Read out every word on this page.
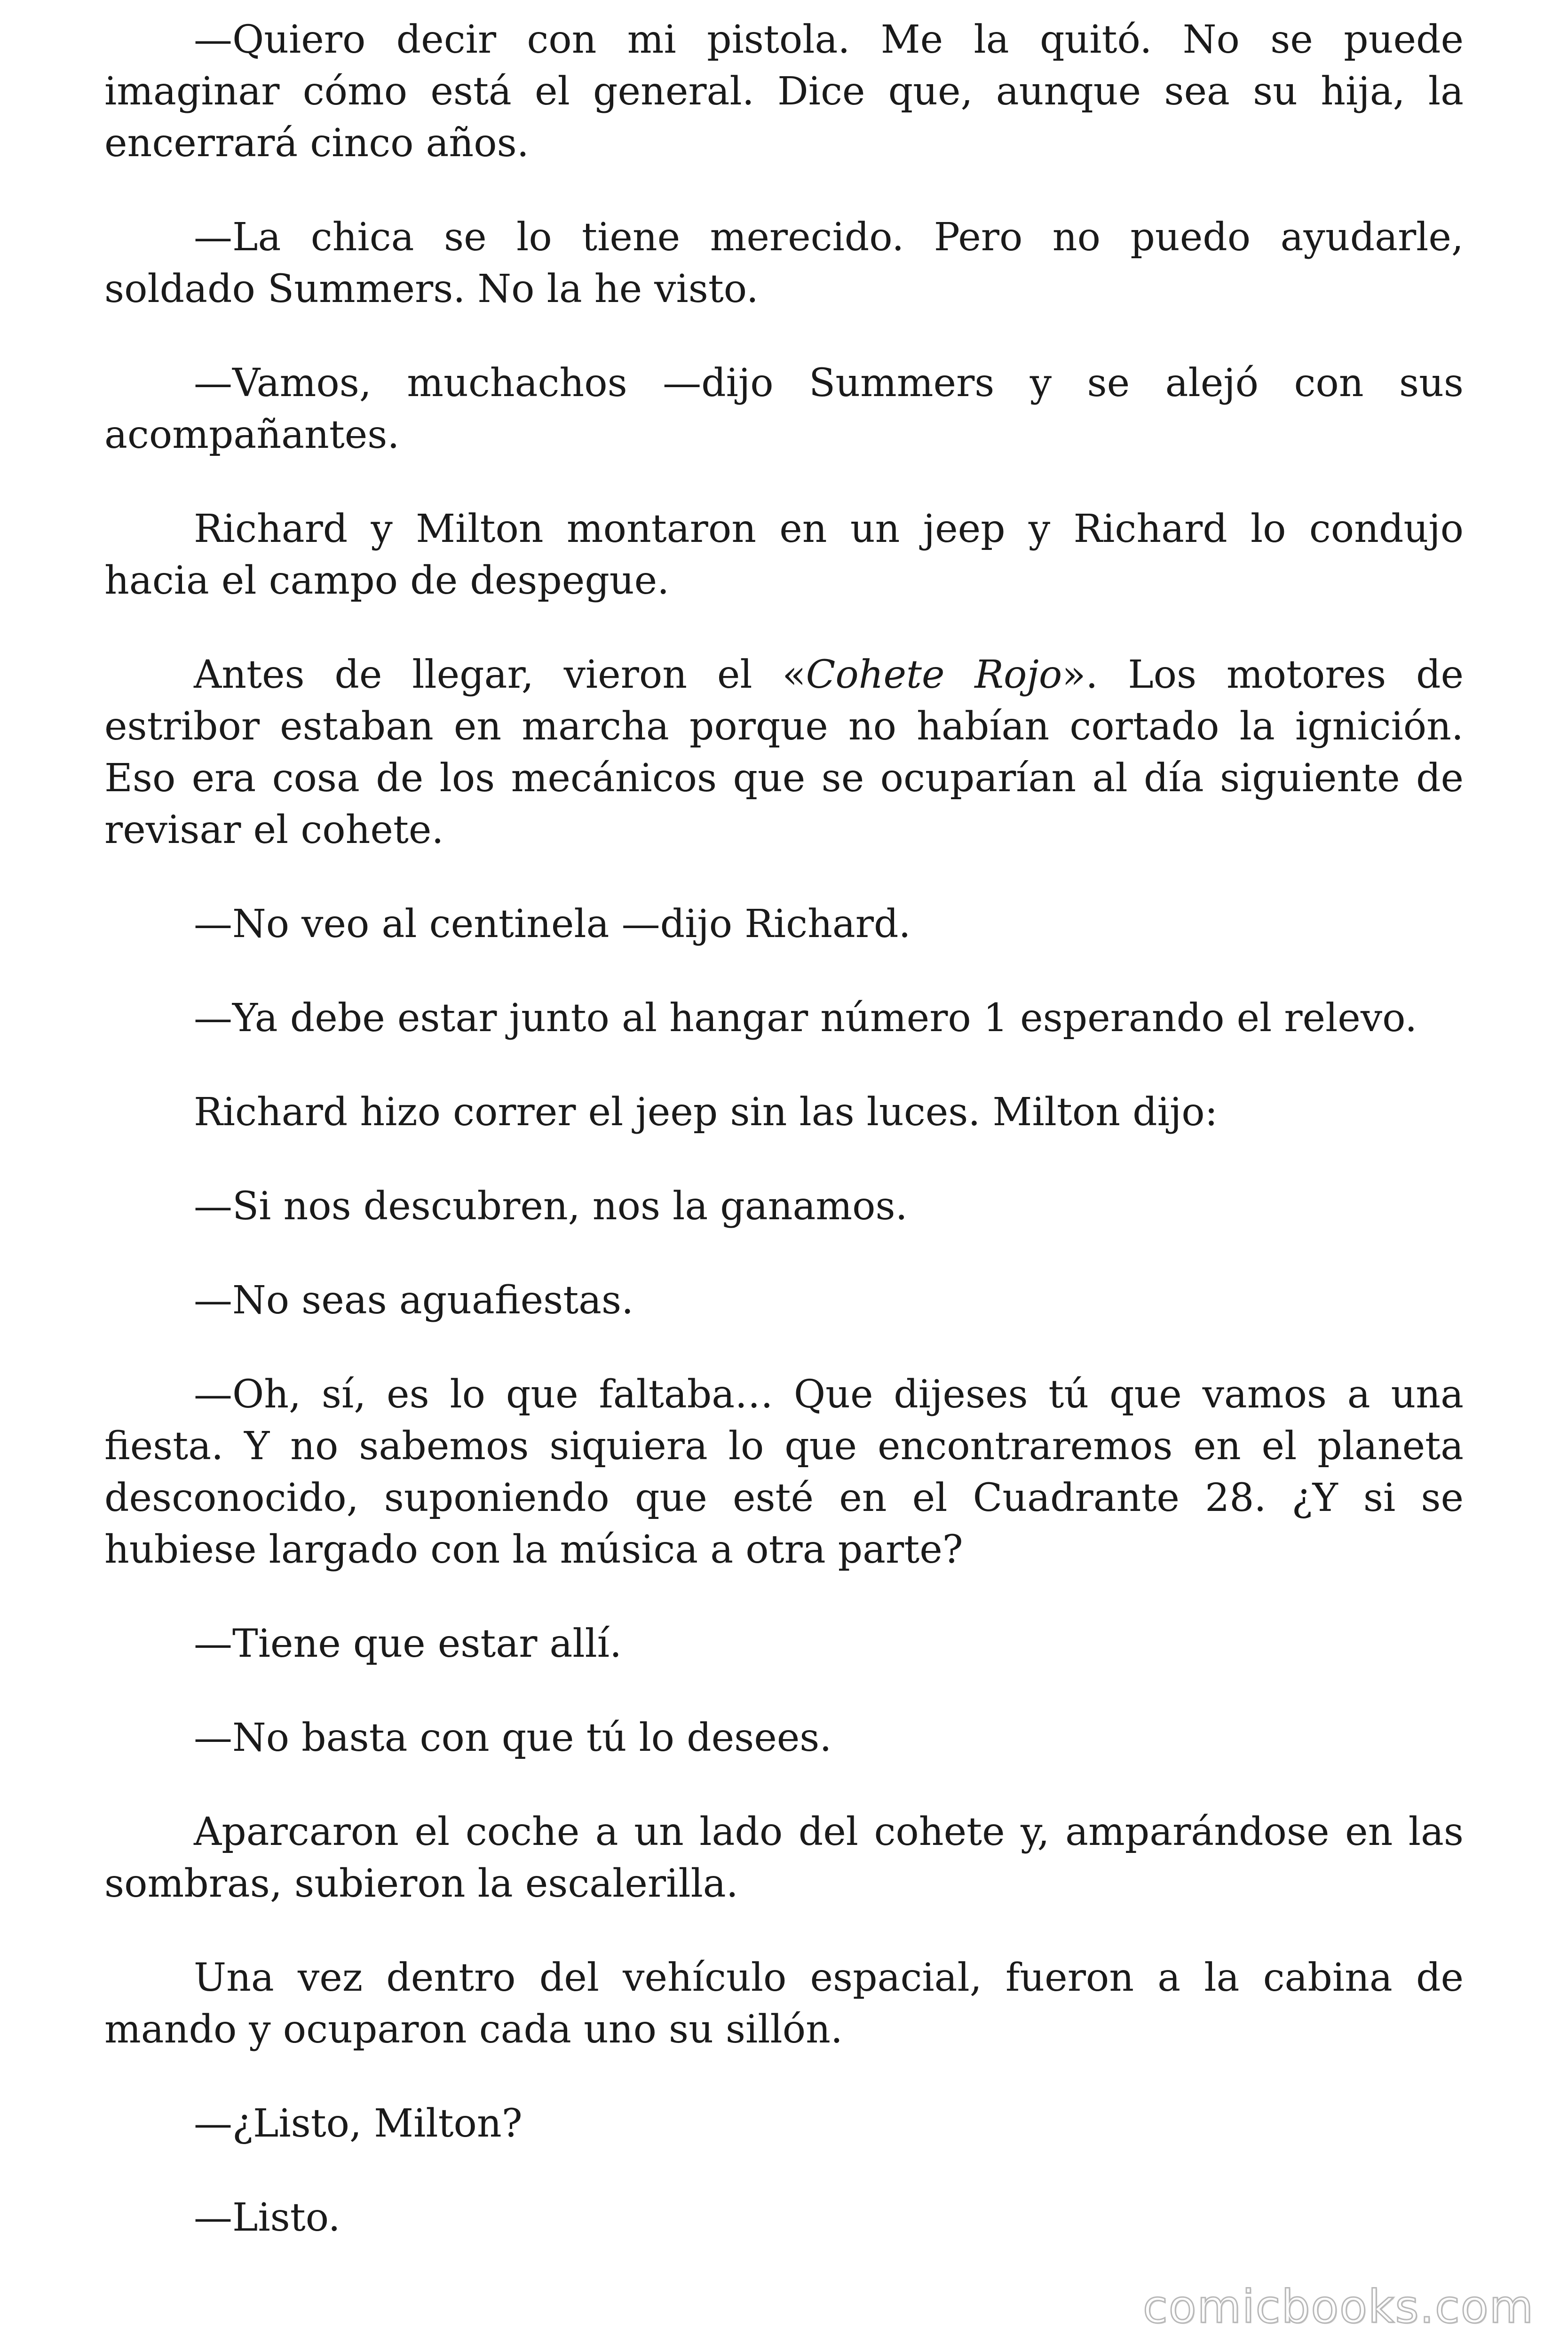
—Quiero decir con mi pistola. Me la quitó. No se puede imaginar cómo está el general. Dice que, aunque sea su hija, la encerrará cinco años.

—La chica se lo tiene merecido. Pero no puedo ayudarle, soldado Summers. No la he visto.

—Vamos, muchachos —dijo Summers y se alejó con sus acompañantes.

Richard y Milton montaron en un jeep y Richard lo condujo hacia el campo de despegue.

Antes de llegar, vieron el «Cohete Rojo». Los motores de estribor estaban en marcha porque no habían cortado la ignición. Eso era cosa de los mecánicos que se ocuparían al día siguiente de revisar el cohete.

—No veo al centinela —dijo Richard.

—Ya debe estar junto al hangar número 1 esperando el relevo.

Richard hizo correr el jeep sin las luces. Milton dijo:

—Si nos descubren, nos la ganamos.

—No seas aguafiestas.

—Oh, sí, es lo que faltaba… Que dijeses tú que vamos a una fiesta. Y no sabemos siquiera lo que encontraremos en el planeta desconocido, suponiendo que esté en el Cuadrante 28. ¿Y si se hubiese largado con la música a otra parte?

—Tiene que estar allí.

—No basta con que tú lo desees.

Aparcaron el coche a un lado del cohete y, amparándose en las sombras, subieron la escalerilla.

Una vez dentro del vehículo espacial, fueron a la cabina de mando y ocuparon cada uno su sillón.

—¿Listo, Milton?

—Listo.

comicbooks.com
